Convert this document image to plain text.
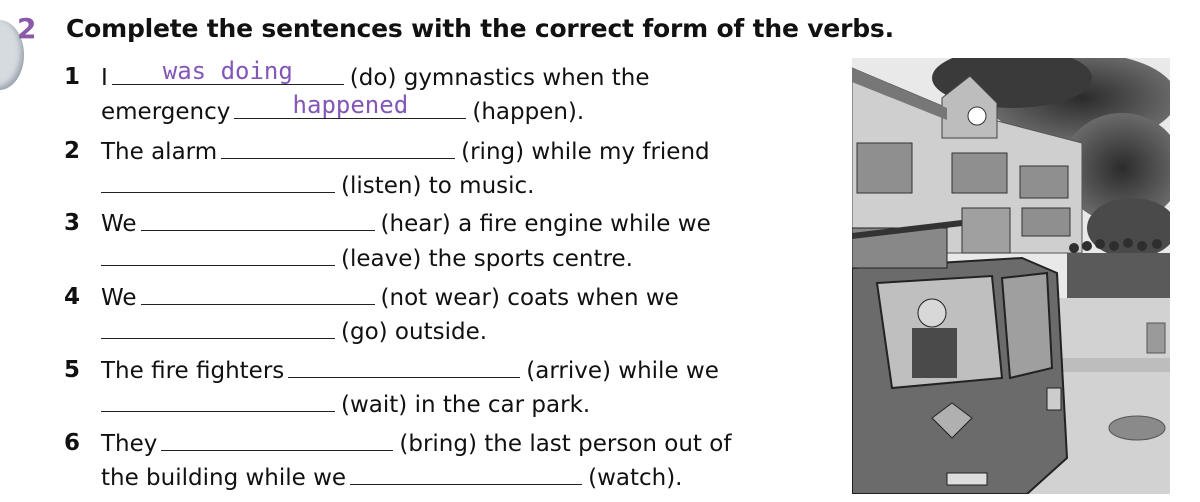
2 Complete the sentences with the correct form of the verbs.
1 I	was doing	(do) gymnastics when the
emergency	happened	(happen).
2 The alarm	(ring) while my friend
(listen) to music.
3 We	(hear) a fire engine while we
(leave) the sports centre.
4 We	(not wear) coats when we
(go) outside.
5 The fire fighters	(arrive) while we
(wait) in the car park.
6 They	(bring) the last person out of
the building while we	(watch).
